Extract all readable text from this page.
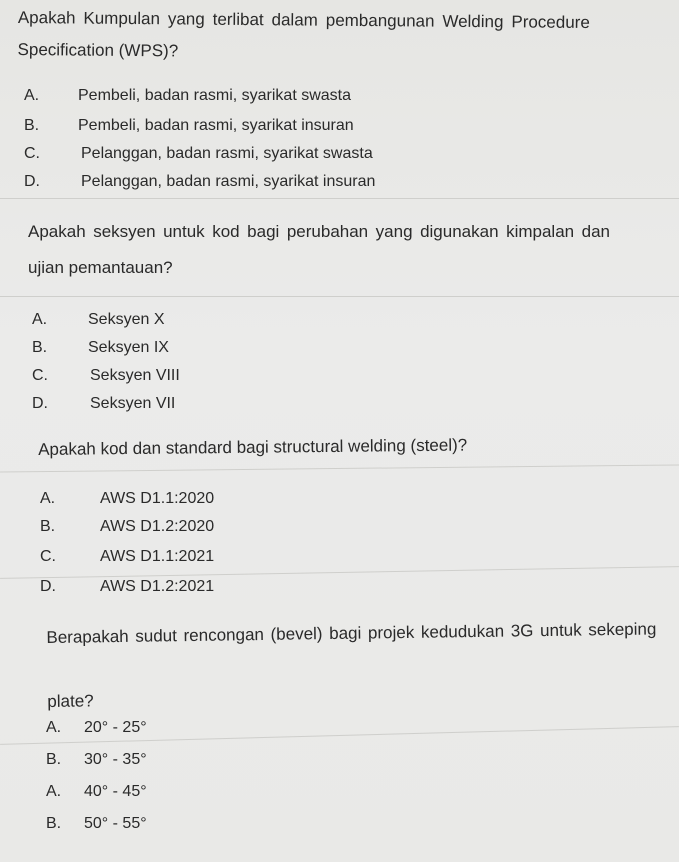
Apakah Kumpulan yang terlibat dalam pembangunan Welding Procedure Specification (WPS)?
A. Pembeli, badan rasmi, syarikat swasta
B. Pembeli, badan rasmi, syarikat insuran
C.	Pelanggan, badan rasmi, syarikat swasta
D.	Pelanggan, badan rasmi, syarikat insuran
Apakah seksyen untuk kod bagi perubahan yang digunakan kimpalan dan ujian pemantauan?
A.	Seksyen X
B.	Seksyen IX
C.	Seksyen VIII
D.	Seksyen VII
Apakah kod dan standard bagi structural welding (steel)?
A.	AWS D1.1:2020
B.	AWS D1.2:2020
C.	AWS D1.1:2021
D.	AWS D1.2:2021
Berapakah sudut rencongan (bevel) bagi projek kedudukan 3G untuk sekeping plate?
A. 20° - 25°
B. 30° - 35°
A. 40° - 45°
B. 50° - 55°
